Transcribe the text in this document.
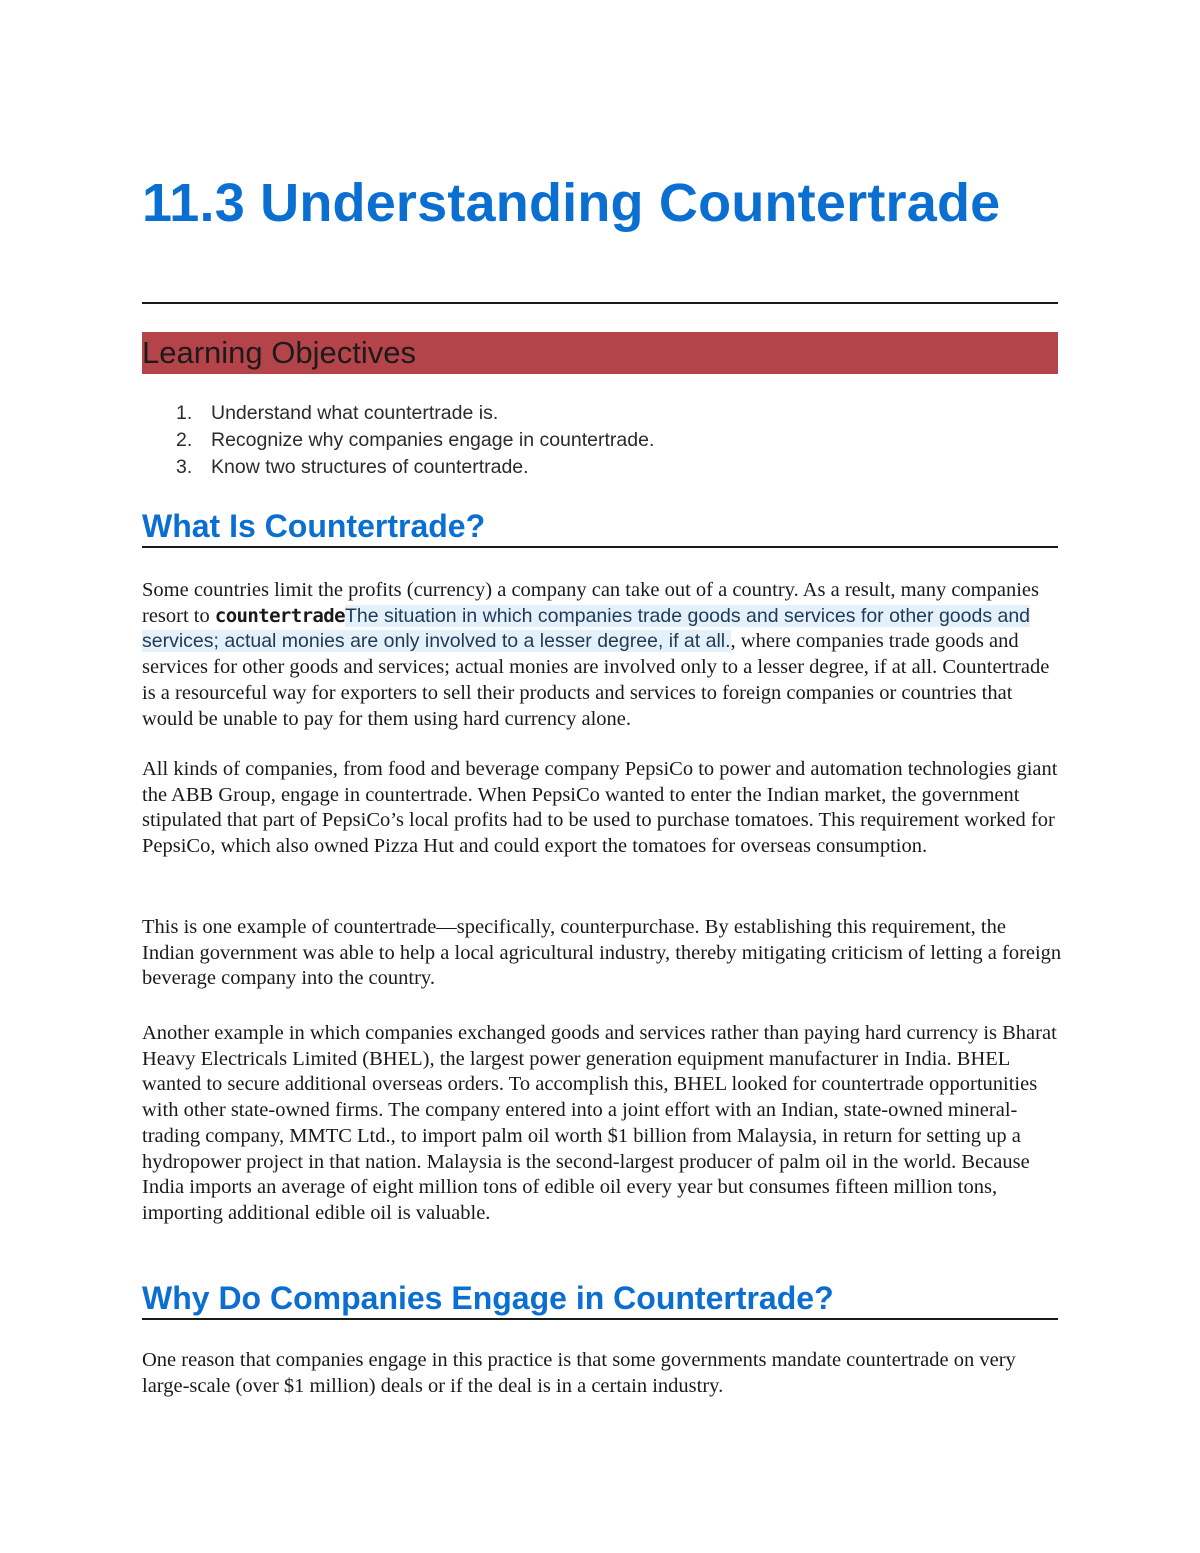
11.3 Understanding Countertrade
Learning Objectives
1. Understand what countertrade is.
2. Recognize why companies engage in countertrade.
3. Know two structures of countertrade.
What Is Countertrade?

Some countries limit the profits (currency) a company can take out of a country. As a result, many companies resort to countertradeThe situation in which companies trade goods and services for other goods and services; actual monies are only involved to a lesser degree, if at all., where companies trade goods and services for other goods and services; actual monies are involved only to a lesser degree, if at all. Countertrade is a resourceful way for exporters to sell their products and services to foreign companies or countries that would be unable to pay for them using hard currency alone.

All kinds of companies, from food and beverage company PepsiCo to power and automation technologies giant the ABB Group, engage in countertrade. When PepsiCo wanted to enter the Indian market, the government stipulated that part of PepsiCo’s local profits had to be used to purchase tomatoes. This requirement worked for PepsiCo, which also owned Pizza Hut and could export the tomatoes for overseas consumption.

This is one example of countertrade—specifically, counterpurchase. By establishing this requirement, the Indian government was able to help a local agricultural industry, thereby mitigating criticism of letting a foreign beverage company into the country.

Another example in which companies exchanged goods and services rather than paying hard currency is Bharat Heavy Electricals Limited (BHEL), the largest power generation equipment manufacturer in India. BHEL wanted to secure additional overseas orders. To accomplish this, BHEL looked for countertrade opportunities with other state-owned firms. The company entered into a joint effort with an Indian, state-owned mineral-trading company, MMTC Ltd., to import palm oil worth $1 billion from Malaysia, in return for setting up a hydropower project in that nation. Malaysia is the second-largest producer of palm oil in the world. Because India imports an average of eight million tons of edible oil every year but consumes fifteen million tons, importing additional edible oil is valuable.

Why Do Companies Engage in Countertrade?

One reason that companies engage in this practice is that some governments mandate countertrade on very large-scale (over $1 million) deals or if the deal is in a certain industry.
